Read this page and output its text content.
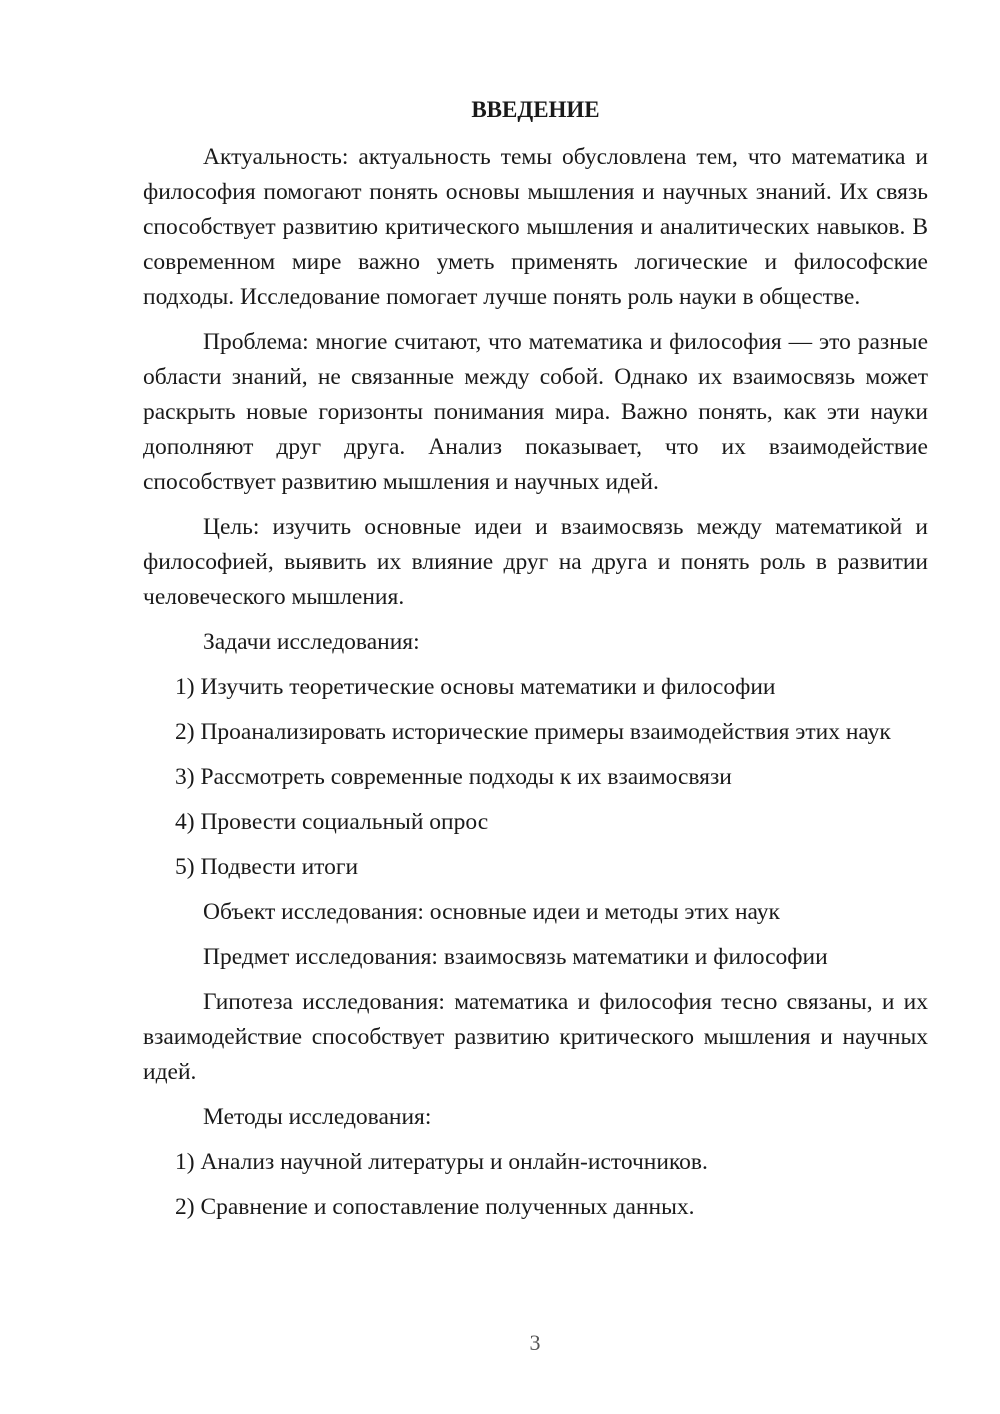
ВВЕДЕНИЕ

Актуальность: актуальность темы обусловлена тем, что математика и философия помогают понять основы мышления и научных знаний. Их связь способствует развитию критического мышления и аналитических навыков. В современном мире важно уметь применять логические и философские подходы. Исследование помогает лучше понять роль науки в обществе.

Проблема: многие считают, что математика и философия — это разные области знаний, не связанные между собой. Однако их взаимосвязь может раскрыть новые горизонты понимания мира. Важно понять, как эти науки дополняют друг друга. Анализ показывает, что их взаимодействие способствует развитию мышления и научных идей.

Цель: изучить основные идеи и взаимосвязь между математикой и философией, выявить их влияние друг на друга и понять роль в развитии человеческого мышления.

Задачи исследования:

1) Изучить теоретические основы математики и философии

2) Проанализировать исторические примеры взаимодействия этих наук

3) Рассмотреть современные подходы к их взаимосвязи

4) Провести социальный опрос

5) Подвести итоги

Объект исследования: основные идеи и методы этих наук

Предмет исследования: взаимосвязь математики и философии

Гипотеза исследования: математика и философия тесно связаны, и их взаимодействие способствует развитию критического мышления и научных идей.

Методы исследования:

1) Анализ научной литературы и онлайн-источников.

2) Сравнение и сопоставление полученных данных.

3
